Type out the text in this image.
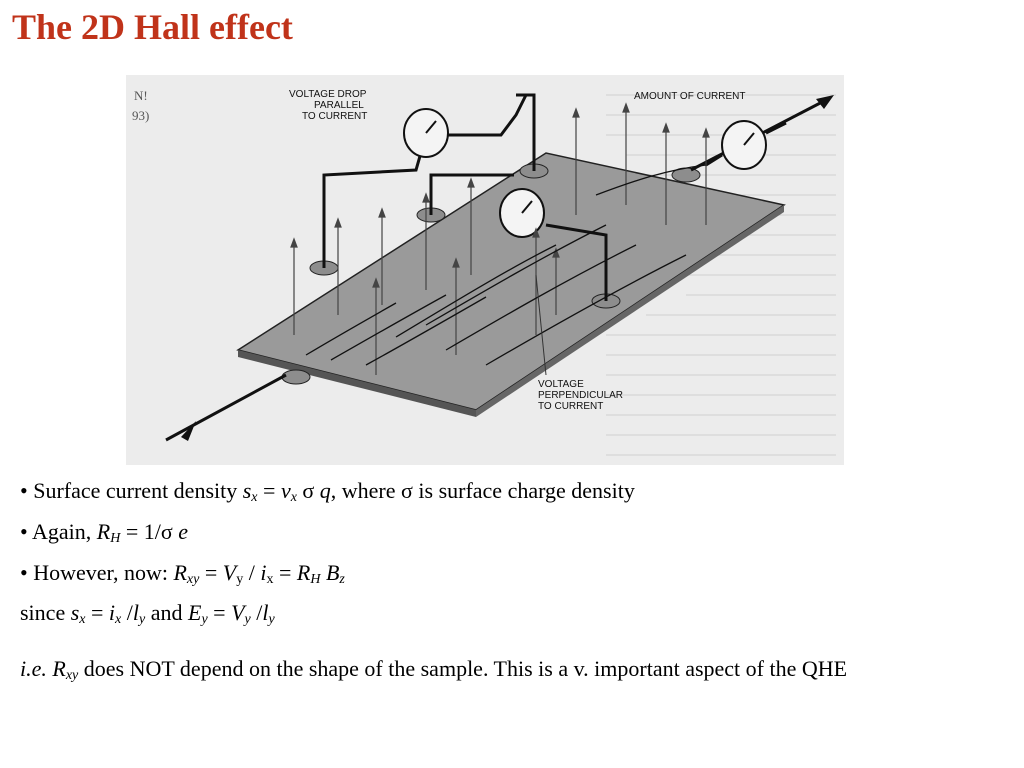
The 2D Hall effect
VOLTAGE DROP
PARALLEL
TO CURRENT
AMOUNT OF CURRENT
VOLTAGE
PERPENDICULAR
TO CURRENT
N!
93)
• Surface current density $s_x = v_x$ σ q, where σ is surface charge density
• Again, $R_H = 1/\sigma$ e
• However, now: $R_{xy} = V_y / i_x = R_H$ $B_z$
since $s_x = i_x$ $/l_y$ and $E_y = V_y$ $/l_y$
i.e. $R_{xy}$ does NOT depend on the shape of the sample. This is a v. important aspect of the QHE
